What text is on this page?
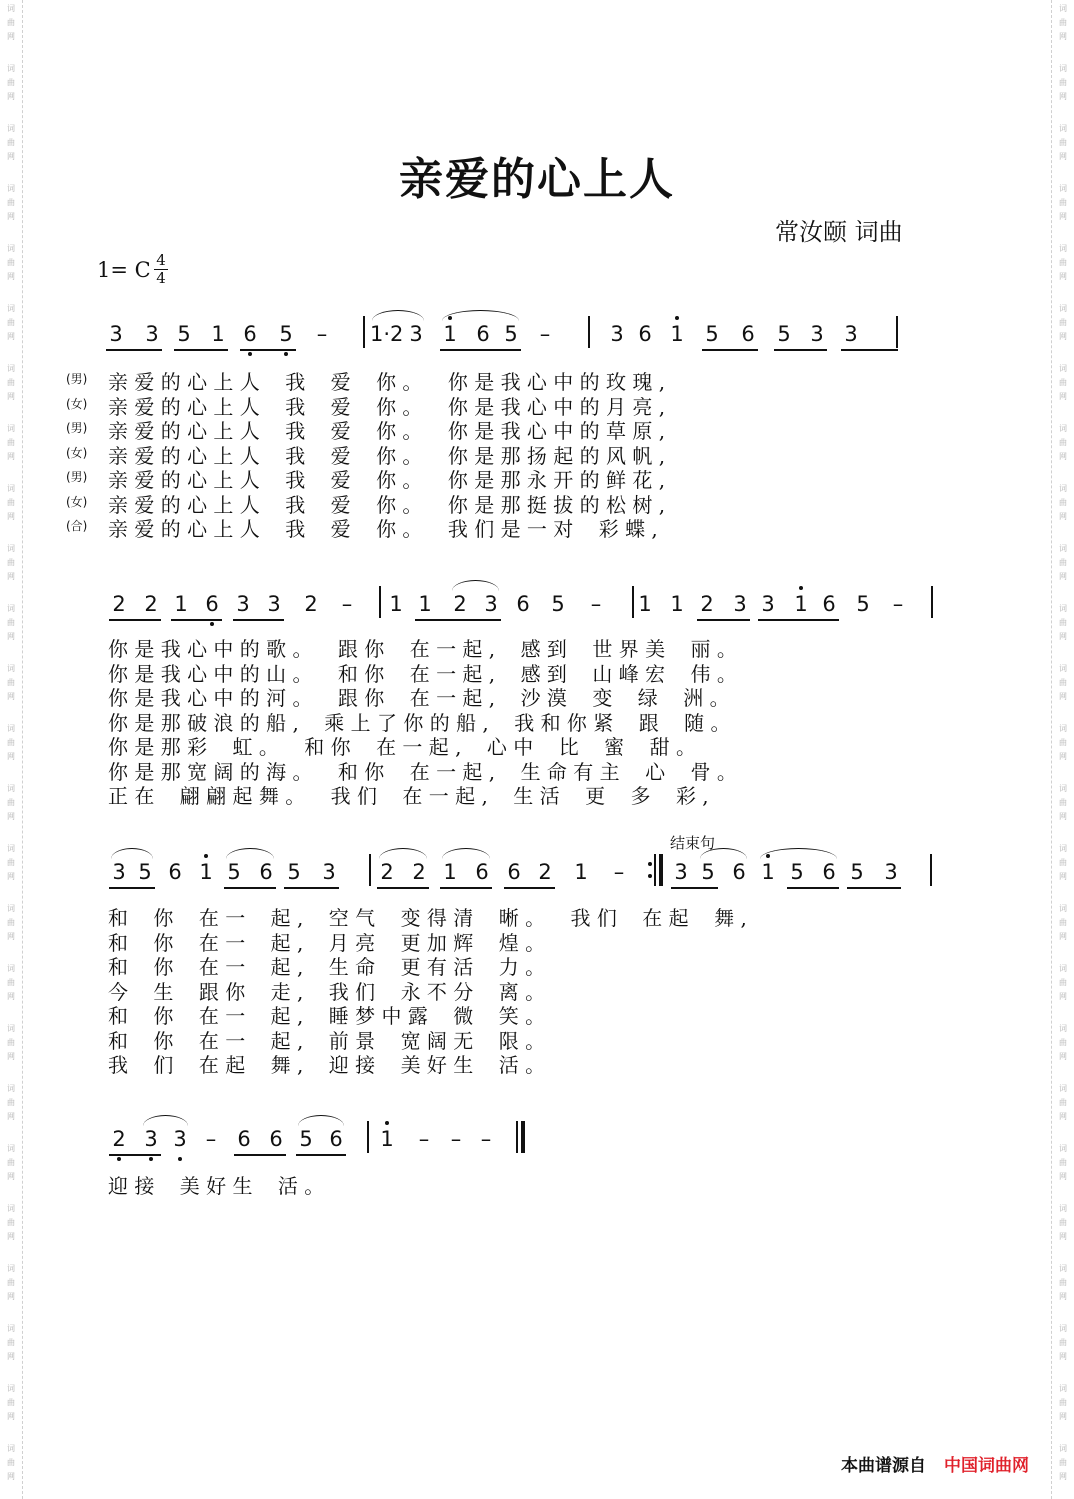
词	词
曲	曲
网	网
词	词
曲	曲
网	网
词	词
曲	曲
网	网
词	词
曲	曲
网	网
词	词
曲	曲
网	网
词	词
曲	曲
网	网
词	词
曲	曲
网	网
词	词
曲	曲
网	网
词	词
曲	曲
网	网
词	词
曲	曲
网	网
词	词
曲	曲
网	网
词	词
曲	曲
网	网
词	词
曲	曲
网	网
词	词
曲	曲
网	网
词	词
曲	曲
网	网
词	词
曲	曲
网	网
词	词
曲	曲
网	网
词	词
曲	曲
网	网
词	词
曲	曲
网	网
词	词
曲	曲
网	网
词	词
曲	曲
网	网
词	词
曲	曲
网	网
词	词
曲	曲
网	网
词	词
曲	曲
网	网
词	词
曲	曲
网	网
亲爱的心上人
常汝颐 词曲
1= C 4
4
3 3 5 1 6 5 – 1·2 3 1 6 5 –	3 6 1 5 6 5 3 3
亲 爱 的 心 上 人    我    爱    你 。    你 是 我 心 中 的 玫 瑰 ,
亲 爱 的 心 上 人    我    爱    你 。    你 是 我 心 中 的 月 亮 ,
亲 爱 的 心 上 人    我    爱    你 。    你 是 我 心 中 的 草 原 ,
亲 爱 的 心 上 人    我    爱    你 。    你 是 那 扬 起 的 风 帆 ,
亲 爱 的 心 上 人    我    爱    你 。    你 是 那 永 开 的 鲜 花 ,
亲 爱 的 心 上 人    我    爱    你 。    你 是 那 挺 拔 的 松 树 ,
亲 爱 的 心 上 人    我    爱    你 。    我 们 是 一 对    彩 蝶 ,
(男)
(女)
(男)
(女)
(男)
(女)
(合)
2 2 1 6 3 3 2 – 1 1 2 3 6 5 – 1 1 2 3 3 1 6 5 –
你 是 我 心 中 的 歌 。    跟 你    在 一 起 ,    感 到    世 界 美    丽 。
你 是 我 心 中 的 山 。    和 你    在 一 起 ,    感 到    山 峰 宏    伟 。
你 是 我 心 中 的 河 。    跟 你    在 一 起 ,    沙 漠    变    绿    洲 。
你 是 那 破 浪 的 船 ,    乘 上 了 你 的 船 ,    我 和 你 紧    跟    随 。
你 是 那 彩    虹 。    和 你    在 一 起 ,    心 中    比    蜜    甜 。
你 是 那 宽 阔 的 海 。    和 你    在 一 起 ,    生 命 有 主    心    骨 。
正 在    翩 翩 起 舞 。    我 们    在 一 起 ,    生 活    更    多    彩 ,
3 5 6 1 5 6 5 3 2 2 1 6 6 2 1 – 3 5 6 1 5 6 5 3
和    你    在 一    起 ,    空 气    变 得 清    晰 。    我 们    在 起    舞 ,
和    你    在 一    起 ,    月 亮    更 加 辉    煌 。
和    你    在 一    起 ,    生 命    更 有 活    力 。
今    生    跟 你    走 ,    我 们    永 不 分    离 。
和    你    在 一    起 ,    睡 梦 中 露    微    笑 。
和    你    在 一    起 ,    前 景    宽 阔 无    限 。
我    们    在 起    舞 ,    迎 接    美 好 生    活 。
2 3 3 – 6 6 5 6 1 – – –
迎 接    美 好 生    活 。
结束句
本曲谱源自 中国词曲网
